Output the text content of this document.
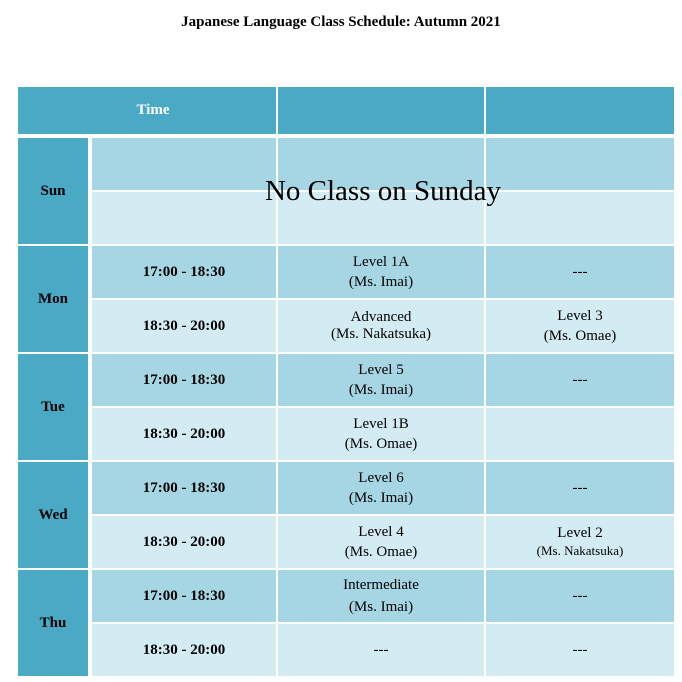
Japanese Language Class Schedule: Autumn 2021
Time
Sun
Mon
Tue
Wed
Thu
No Class on Sunday
17:00 - 18:30
Level 1A
(Ms. Imai)
---
18:30 - 20:00
Advanced
(Ms. Nakatsuka)
Level 3
(Ms. Omae)
17:00 - 18:30
Level 5
(Ms. Imai)
---
18:30 - 20:00
Level 1B
(Ms. Omae)
17:00 - 18:30
Level 6
(Ms. Imai)
---
18:30 - 20:00
Level 4
(Ms. Omae)
Level 2
(Ms. Nakatsuka)
17:00 - 18:30
Intermediate
(Ms. Imai)
---
18:30 - 20:00	---	---
